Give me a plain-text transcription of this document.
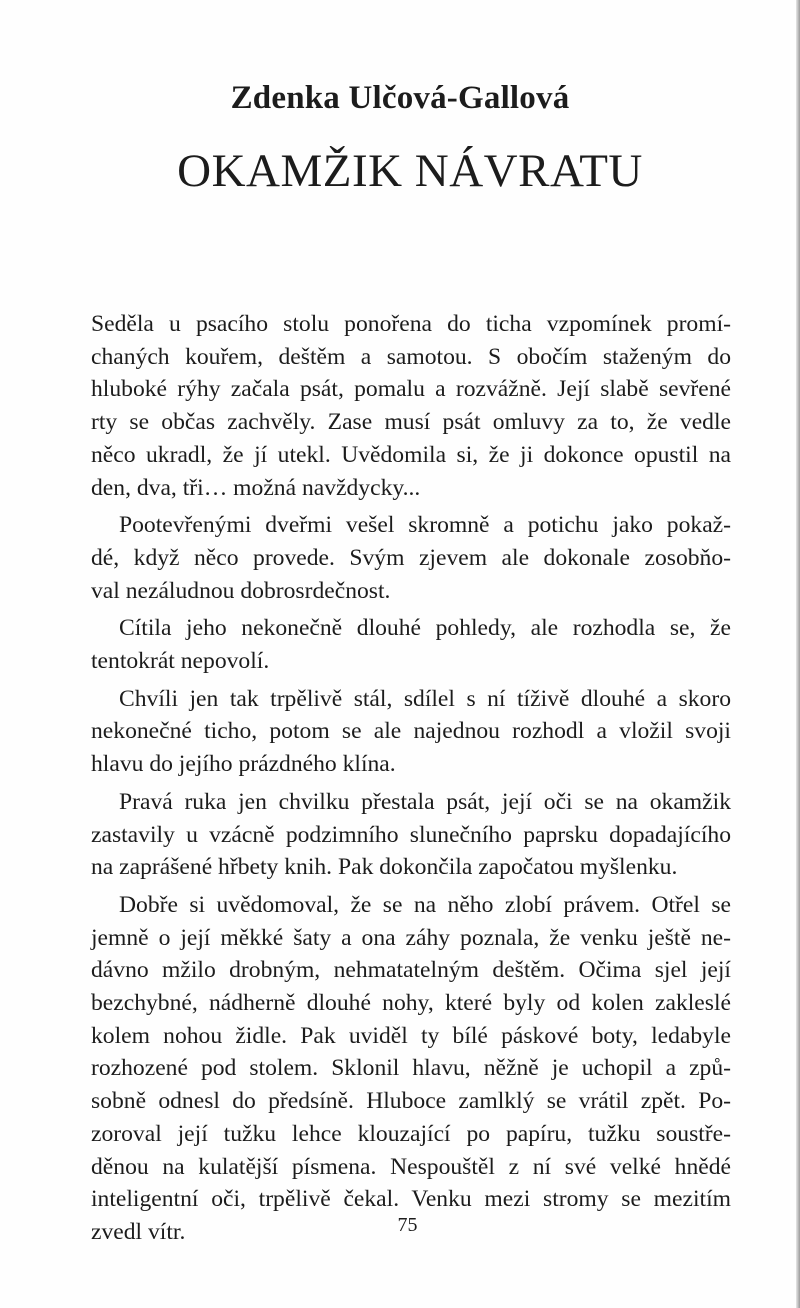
Zdenka Ulčová-Gallová
OKAMŽIK NÁVRATU

Seděla u psacího stolu ponořena do ticha vzpomínek promí-
chaných kouřem, deštěm a samotou. S obočím staženým do
hluboké rýhy začala psát, pomalu a rozvážně. Její slabě sevřené
rty se občas zachvěly. Zase musí psát omluvy za to, že vedle
něco ukradl, že jí utekl. Uvědomila si, že ji dokonce opustil na
den, dva, tři… možná navždycky...

Pootevřenými dveřmi vešel skromně a potichu jako pokaž-
dé, když něco provede. Svým zjevem ale dokonale zosobňo-
val nezáludnou dobrosrdečnost.

Cítila jeho nekonečně dlouhé pohledy, ale rozhodla se, že
tentokrát nepovolí.

Chvíli jen tak trpělivě stál, sdílel s ní tíživě dlouhé a skoro
nekonečné ticho, potom se ale najednou rozhodl a vložil svoji
hlavu do jejího prázdného klína.

Pravá ruka jen chvilku přestala psát, její oči se na okamžik
zastavily u vzácně podzimního slunečního paprsku dopadajícího
na zaprášené hřbety knih. Pak dokončila započatou myšlenku.

Dobře si uvědomoval, že se na něho zlobí právem. Otřel se
jemně o její měkké šaty a ona záhy poznala, že venku ještě ne-
dávno mžilo drobným, nehmatatelným deštěm. Očima sjel její
bezchybné, nádherně dlouhé nohy, které byly od kolen zakleslé
kolem nohou židle. Pak uviděl ty bílé páskové boty, ledabyle
rozhozené pod stolem. Sklonil hlavu, něžně je uchopil a způ-
sobně odnesl do předsíně. Hluboce zamlklý se vrátil zpět. Po-
zoroval její tužku lehce klouzající po papíru, tužku soustře-
děnou na kulatější písmena. Nespouštěl z ní své velké hnědé
inteligentní oči, trpělivě čekal. Venku mezi stromy se mezitím
zvedl vítr.	75
